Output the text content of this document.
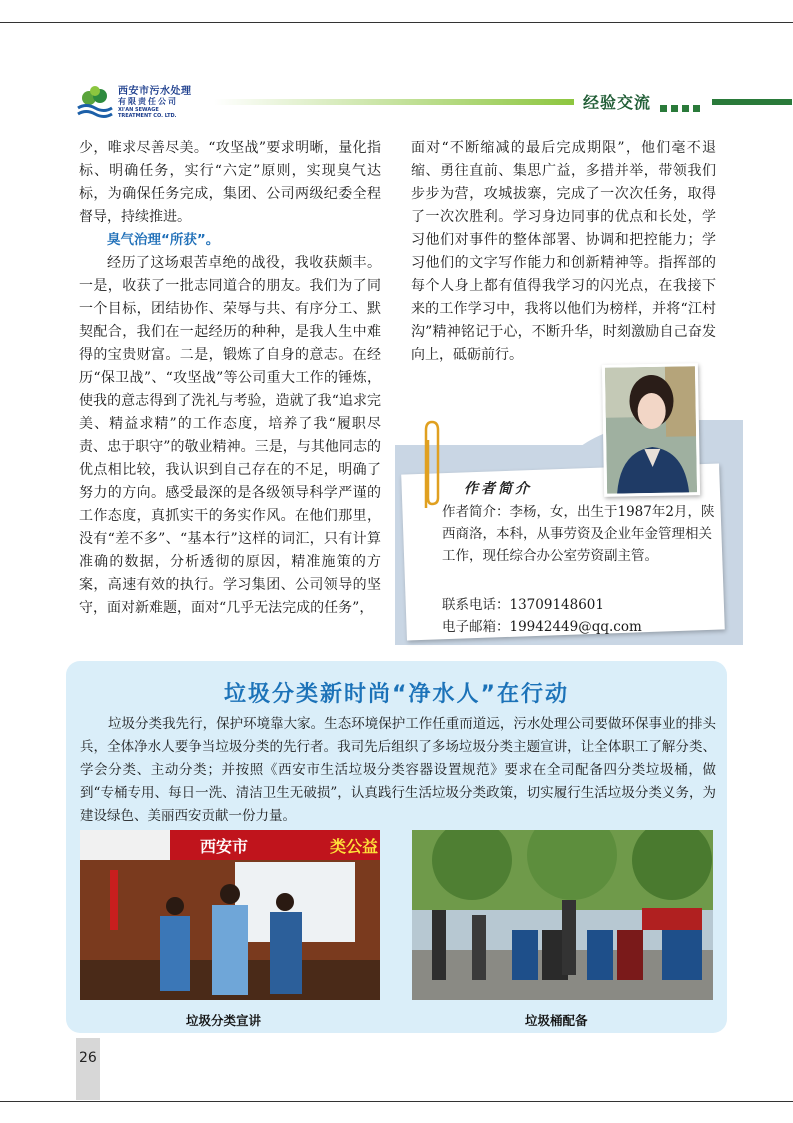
西安市污水处理
有限责任公司
XI'AN SEWAGE
TREATMENT CO. LTD.
经验交流

少，唯求尽善尽美。“攻坚战”要求明晰，量化指标、明确任务，实行“六定”原则，实现臭气达标，为确保任务完成，集团、公司两级纪委全程督导，持续推进。

臭气治理“所获”。

经历了这场艰苦卓绝的战役，我收获颇丰。一是，收获了一批志同道合的朋友。我们为了同一个目标，团结协作、荣辱与共、有序分工、默契配合，我们在一起经历的种种，是我人生中难得的宝贵财富。二是，锻炼了自身的意志。在经历“保卫战”、“攻坚战”等公司重大工作的锤炼，使我的意志得到了洗礼与考验，造就了我“追求完美、精益求精”的工作态度，培养了我“履职尽责、忠于职守”的敬业精神。三是，与其他同志的优点相比较，我认识到自己存在的不足，明确了努力的方向。感受最深的是各级领导科学严谨的工作态度，真抓实干的务实作风。在他们那里，没有“差不多”、“基本行”这样的词汇，只有计算准确的数据，分析透彻的原因，精准施策的方案，高速有效的执行。学习集团、公司领导的坚守，面对新难题，面对“几乎无法完成的任务”，

面对“不断缩减的最后完成期限”，他们毫不退缩、勇往直前、集思广益，多措并举，带领我们步步为营，攻城拔寨，完成了一次次任务，取得了一次次胜利。学习身边同事的优点和长处，学习他们对事件的整体部署、协调和把控能力；学习他们的文字写作能力和创新精神等。指挥部的每个人身上都有值得我学习的闪光点，在我接下来的工作学习中，我将以他们为榜样，并将“江村沟”精神铭记于心，不断升华，时刻激励自己奋发向上，砥砺前行。

作者简介

作者简介：李杨，女，出生于1987年2月，陕西商洛，本科，从事劳资及企业年金管理相关工作，现任综合办公室劳资副主管。

联系电话：13709148601

电子邮箱：19942449@qq.com

垃圾分类新时尚“净水人”在行动

垃圾分类我先行，保护环境靠大家。生态环境保护工作任重而道远，污水处理公司要做环保事业的排头兵，全体净水人要争当垃圾分类的先行者。我司先后组织了多场垃圾分类主题宣讲，让全体职工了解分类、学会分类、主动分类；并按照《西安市生活垃圾分类容器设置规范》要求在全司配备四分类垃圾桶，做到“专桶专用、每日一洗、清洁卫生无破损”，认真践行生活垃圾分类政策，切实履行生活垃圾分类义务，为建设绿色、美丽西安贡献一份力量。

西安市	类公益
垃圾分类宣讲	垃圾桶配备
26
